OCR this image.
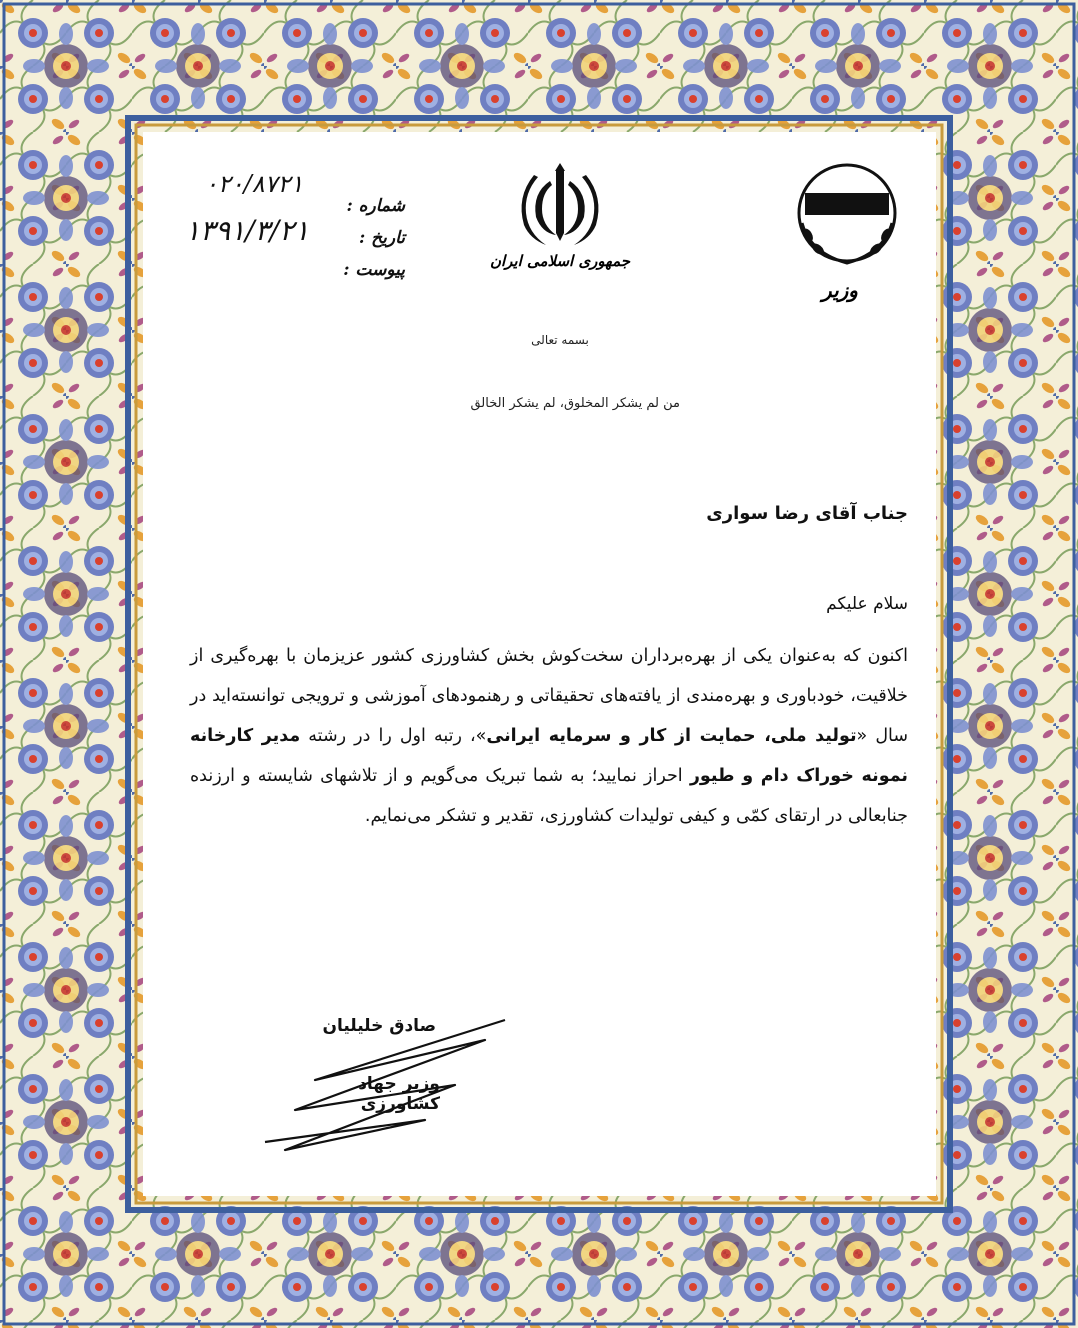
۰۲۰/۸۷۲۱
۱۳۹۱/۳/۲۱
شماره :
تاریخ :
پیوست :	جمهوری اسلامی ایران
وزیر
بسمه تعالی
من لم یشکر المخلوق، لم یشکر الخالق
جناب آقای رضا سواری
سلام علیکم
اکنون که به‌عنوان یکی از بهره‌برداران سخت‌کوش بخش کشاورزی کشور عزیزمان با بهره‌گیری از خلاقیت، خودباوری و بهره‌مندی از یافته‌های تحقیقاتی و رهنمودهای آموزشی و ترویجی توانسته‌اید در سال «تولید ملی، حمایت از کار و سرمایه ایرانی»، رتبه اول را در رشته مدیر کارخانه نمونه خوراک دام و طیور احراز نمایید؛ به شما تبریک می‌گویم و از تلاشهای شایسته و ارزنده جنابعالی در ارتقای کمّی و کیفی تولیدات کشاورزی، تقدیر و تشکر می‌نمایم.
صادق خلیلیان
وزیر جهاد کشاورزی
